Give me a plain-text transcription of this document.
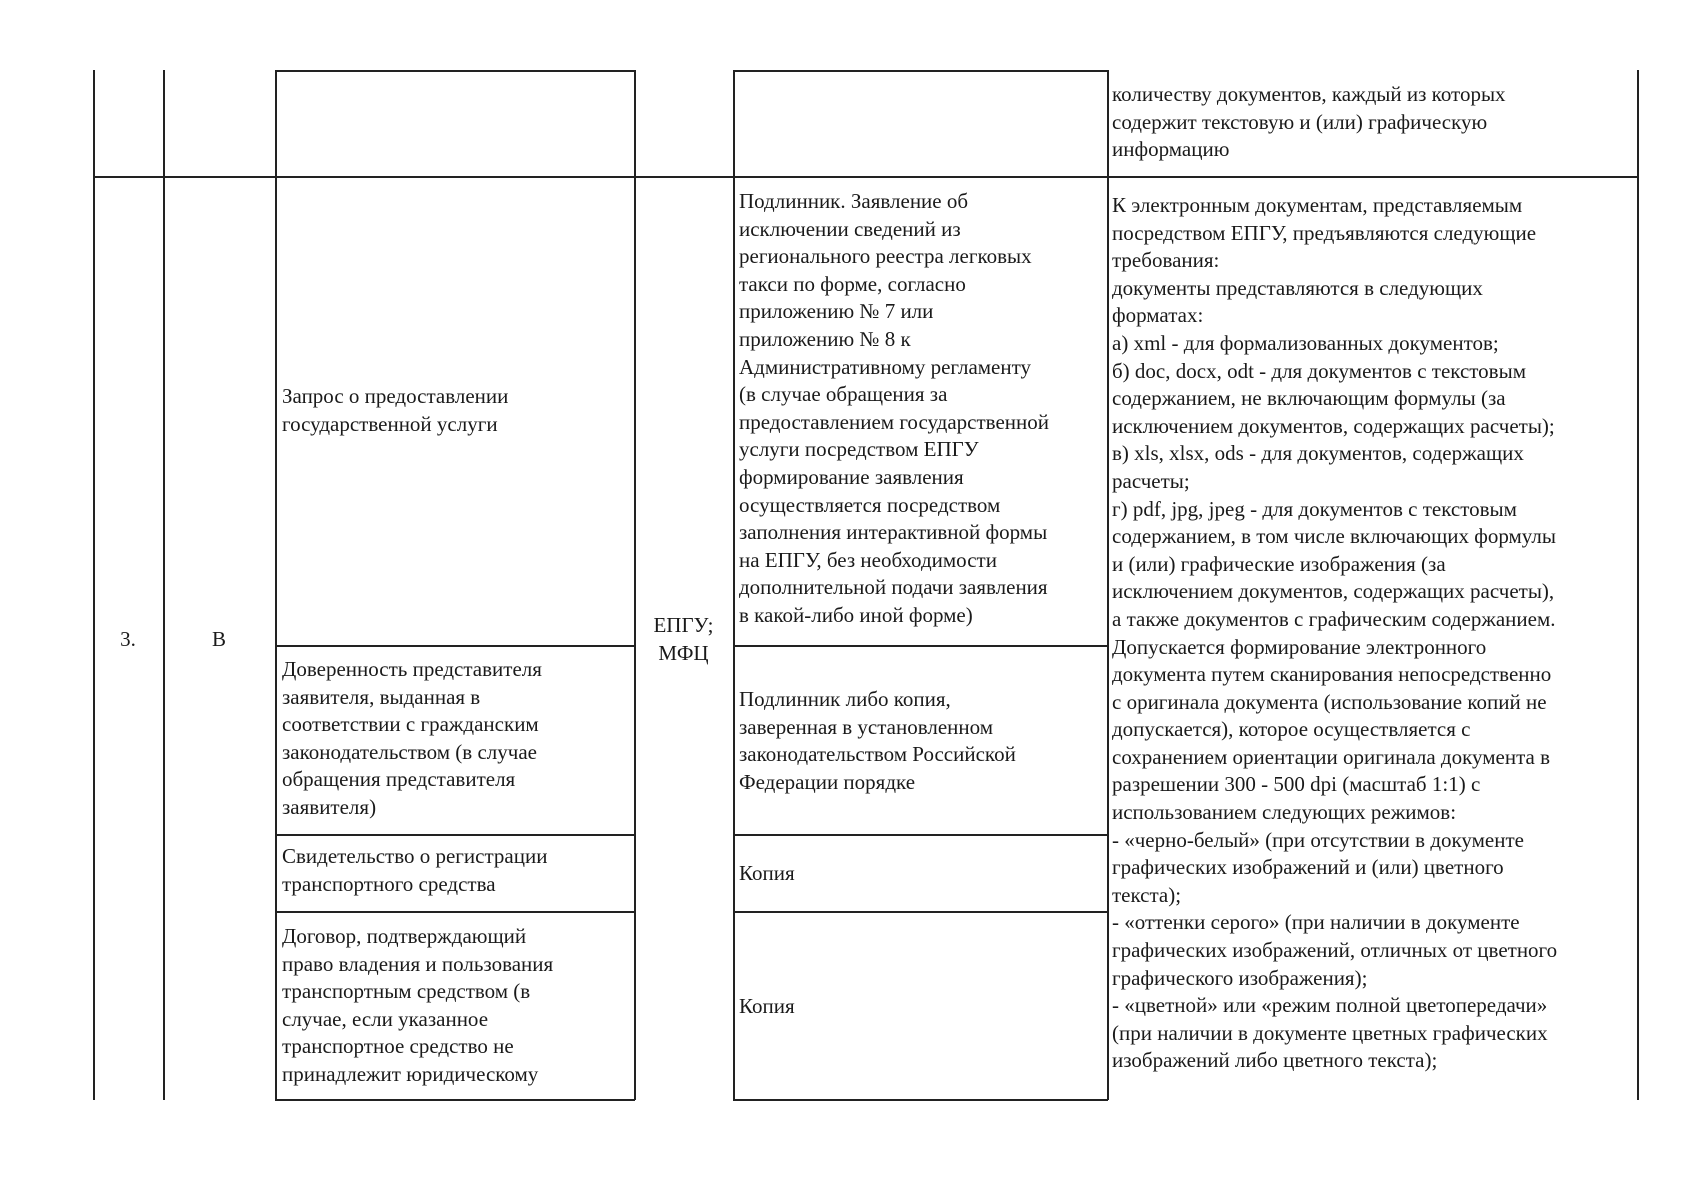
количеству документов, каждый из которых
содержит текстовую и (или) графическую
информацию
3.	В
ЕПГУ;
МФЦ
Запрос о предоставлении
государственной услуги
Доверенность представителя
заявителя, выданная в
соответствии с гражданским
законодательством (в случае
обращения представителя
заявителя)
Свидетельство о регистрации
транспортного средства
Договор, подтверждающий
право владения и пользования
транспортным средством (в
случае, если указанное
транспортное средство не
принадлежит юридическому
Подлинник. Заявление об
исключении сведений из
регионального реестра легковых
такси по форме, согласно
приложению № 7 или
приложению № 8 к
Административному регламенту
(в случае обращения за
предоставлением государственной
услуги посредством ЕПГУ
формирование заявления
осуществляется посредством
заполнения интерактивной формы
на ЕПГУ, без необходимости
дополнительной подачи заявления
в какой-либо иной форме)
Подлинник либо копия,
заверенная в установленном
законодательством Российской
Федерации порядке
Копия
Копия
К электронным документам, представляемым
посредством ЕПГУ, предъявляются следующие
требования:
документы представляются в следующих
форматах:
а) xml - для формализованных документов;
б) doc, docx, odt - для документов с текстовым
содержанием, не включающим формулы (за
исключением документов, содержащих расчеты);
в) xls, xlsx, ods - для документов, содержащих
расчеты;
г) pdf, jpg, jpeg - для документов с текстовым
содержанием, в том числе включающих формулы
и (или) графические изображения (за
исключением документов, содержащих расчеты),
а также документов с графическим содержанием.
Допускается формирование электронного
документа путем сканирования непосредственно
с оригинала документа (использование копий не
допускается), которое осуществляется с
сохранением ориентации оригинала документа в
разрешении 300 - 500 dpi (масштаб 1:1) с
использованием следующих режимов:
- «черно-белый» (при отсутствии в документе
графических изображений и (или) цветного
текста);
- «оттенки серого» (при наличии в документе
графических изображений, отличных от цветного
графического изображения);
- «цветной» или «режим полной цветопередачи»
(при наличии в документе цветных графических
изображений либо цветного текста);
